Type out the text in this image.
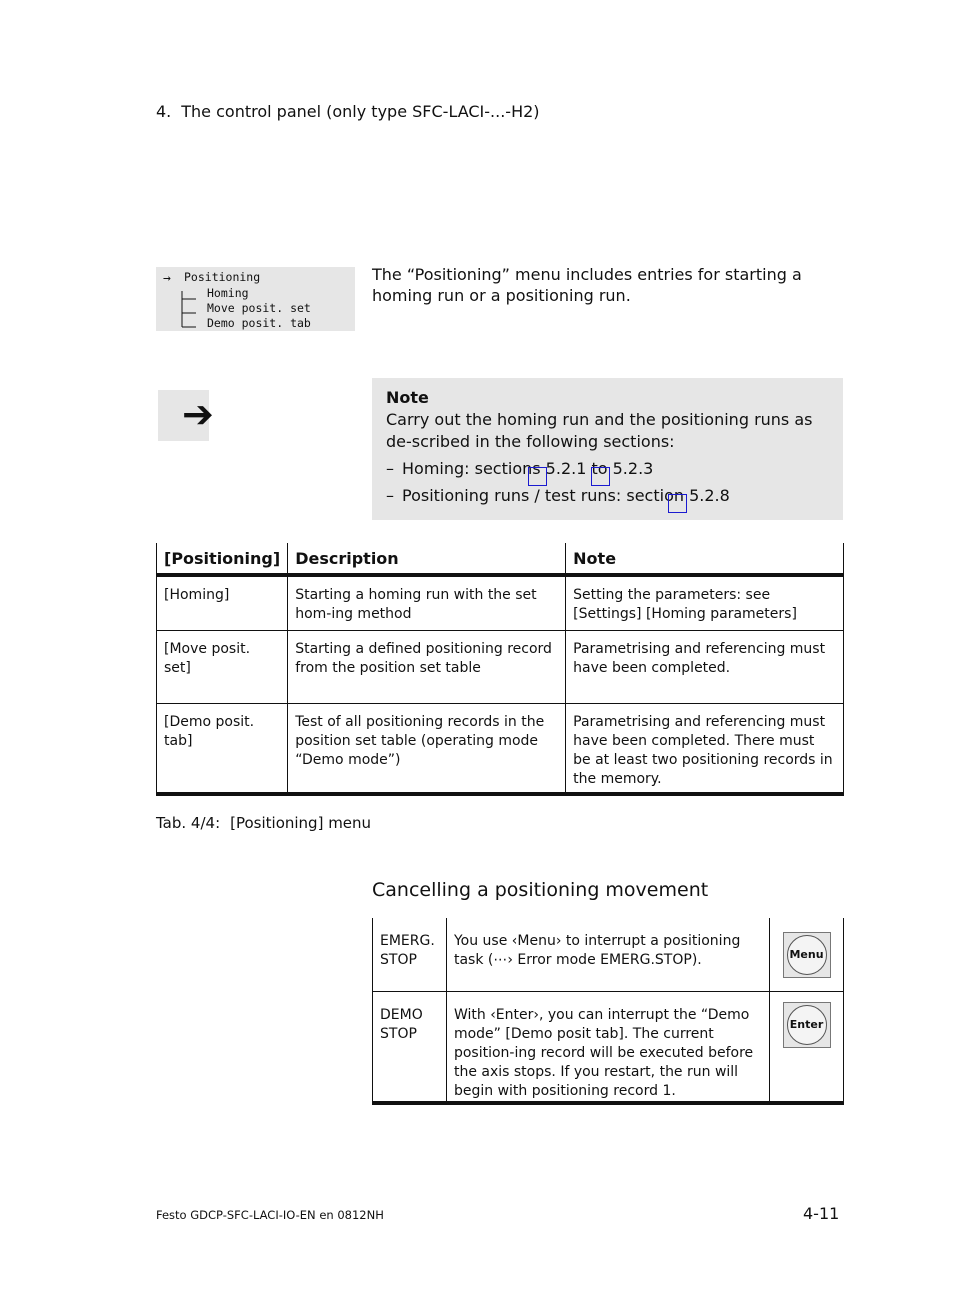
4. The control panel (only type SFC-LACI-...-H2)
→ Positioning
Homing
Move posit. set
Demo posit. tab
The “Positioning” menu includes entries for starting a homing run or a positioning run.
➔	Note
Carry out the homing run and the positioning runs as de-scribed in the following sections:
– Homing: sections 5.2.1 to 5.2.3
– Positioning runs / test runs: section 5.2.8
[Positioning]	Description	Note
[Homing]	Starting a homing run with the set hom-ing method	Setting the parameters: see [Settings] [Homing parameters]
[Move posit. set]	Starting a defined positioning record from the position set table	Parametrising and referencing must have been completed.
[Demo posit. tab]	Test of all positioning records in the position set table (operating mode “Demo mode”)	Parametrising and referencing must have been completed. There must be at least two positioning records in the memory.
Tab. 4/4: [Positioning] menu
Cancelling a positioning movement
EMERG. STOP	You use ‹Menu› to interrupt a positioning task (⋯› Error mode EMERG.STOP).	Menu

DEMO STOP	With ‹Enter›, you can interrupt the “Demo mode” [Demo posit tab]. The current position-ing record will be executed before the axis stops. If you restart, the run will begin with positioning record 1.	Enter
Festo GDCP-SFC-LACI-IO-EN en 0812NH	4-11
